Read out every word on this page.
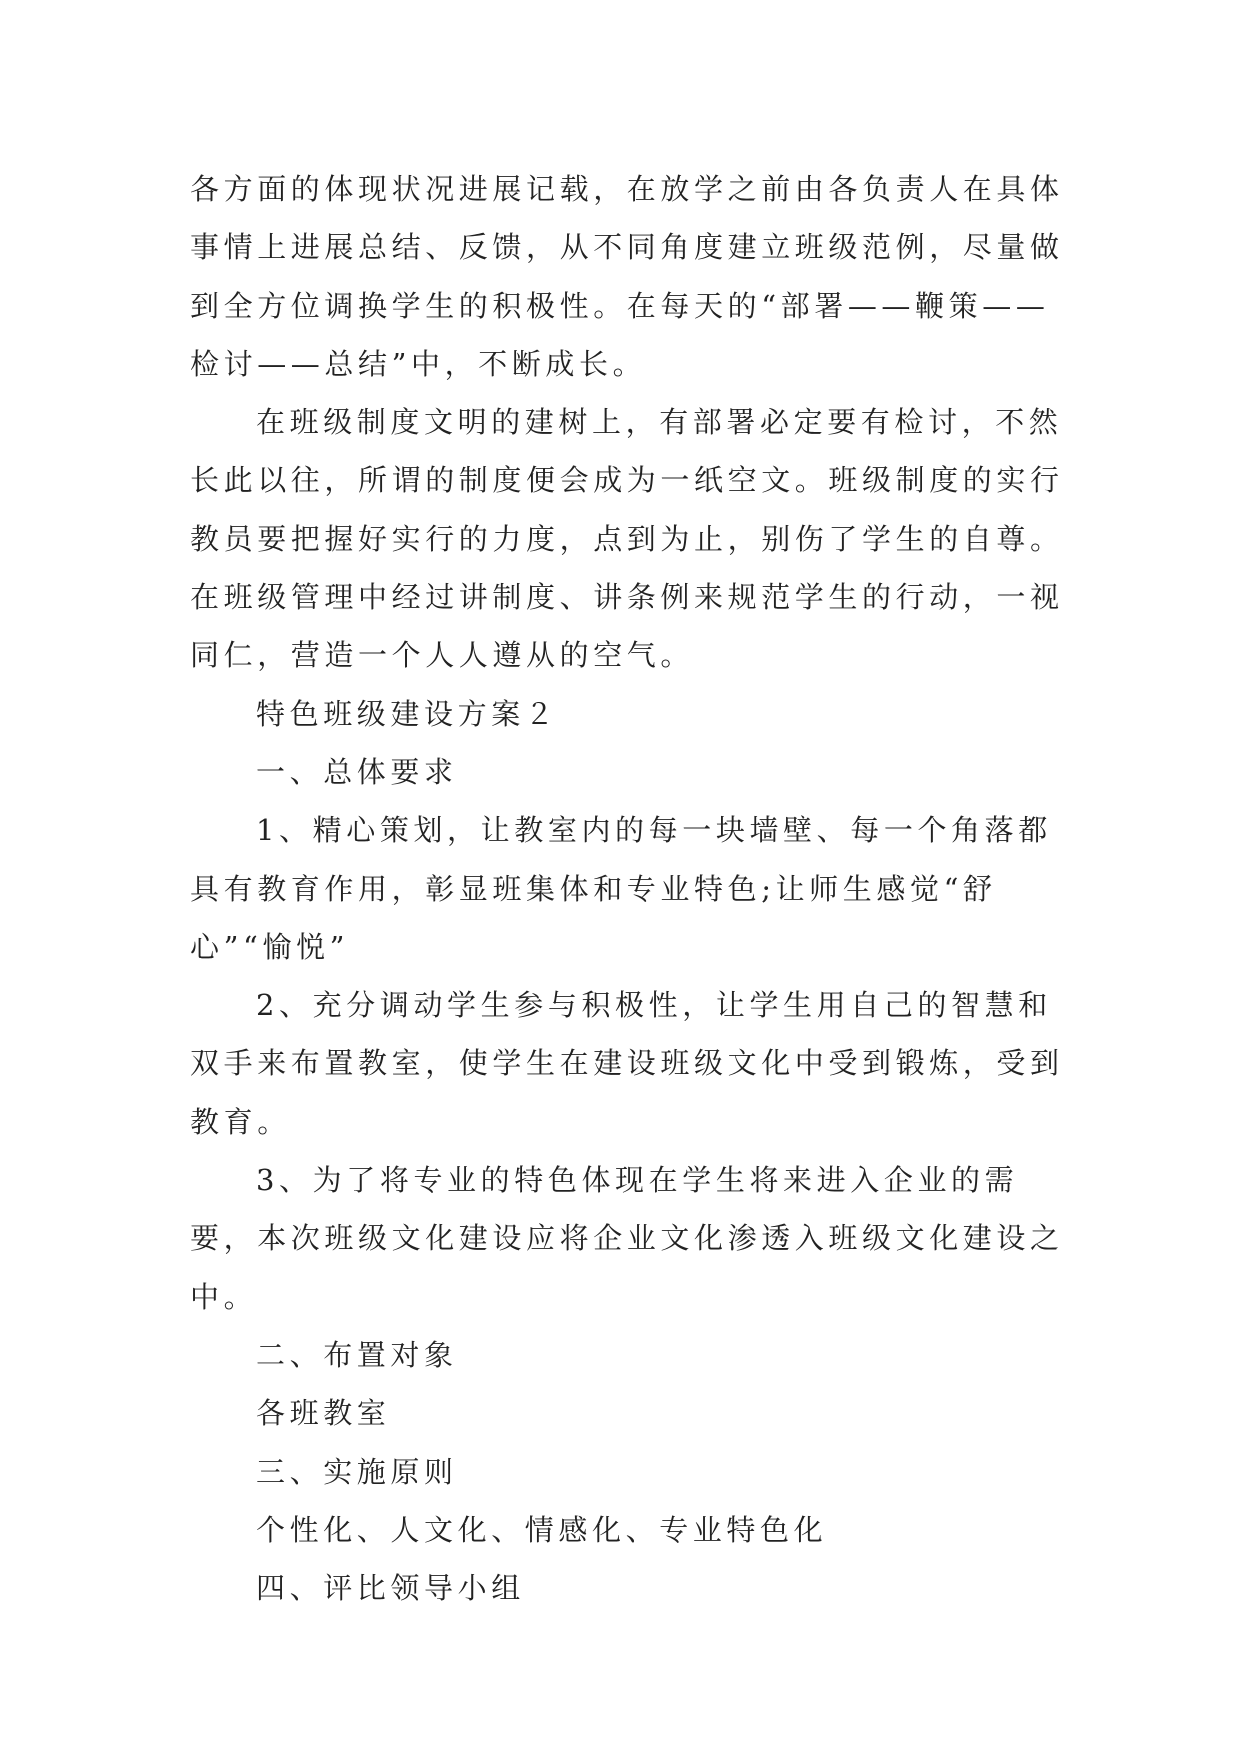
各方面的体现状况进展记载，在放学之前由各负责人在具体事情上进展总结、反馈，从不同角度建立班级范例，尽量做到全方位调换学生的积极性。在每天的“部署——鞭策——检讨——总结”中，不断成长。

在班级制度文明的建树上，有部署必定要有检讨，不然长此以往，所谓的制度便会成为一纸空文。班级制度的实行教员要把握好实行的力度，点到为止，别伤了学生的自尊。在班级管理中经过讲制度、讲条例来规范学生的行动，一视同仁，营造一个人人遵从的空气。

特色班级建设方案２

一、总体要求

1、精心策划，让教室内的每一块墙壁、每一个角落都具有教育作用，彰显班集体和专业特色;让师生感觉“舒心”“愉悦”

2、充分调动学生参与积极性，让学生用自己的智慧和双手来布置教室，使学生在建设班级文化中受到锻炼，受到教育。

3、为了将专业的特色体现在学生将来进入企业的需要，本次班级文化建设应将企业文化渗透入班级文化建设之中。

二、布置对象

各班教室

三、实施原则

个性化、人文化、情感化、专业特色化

四、评比领导小组
